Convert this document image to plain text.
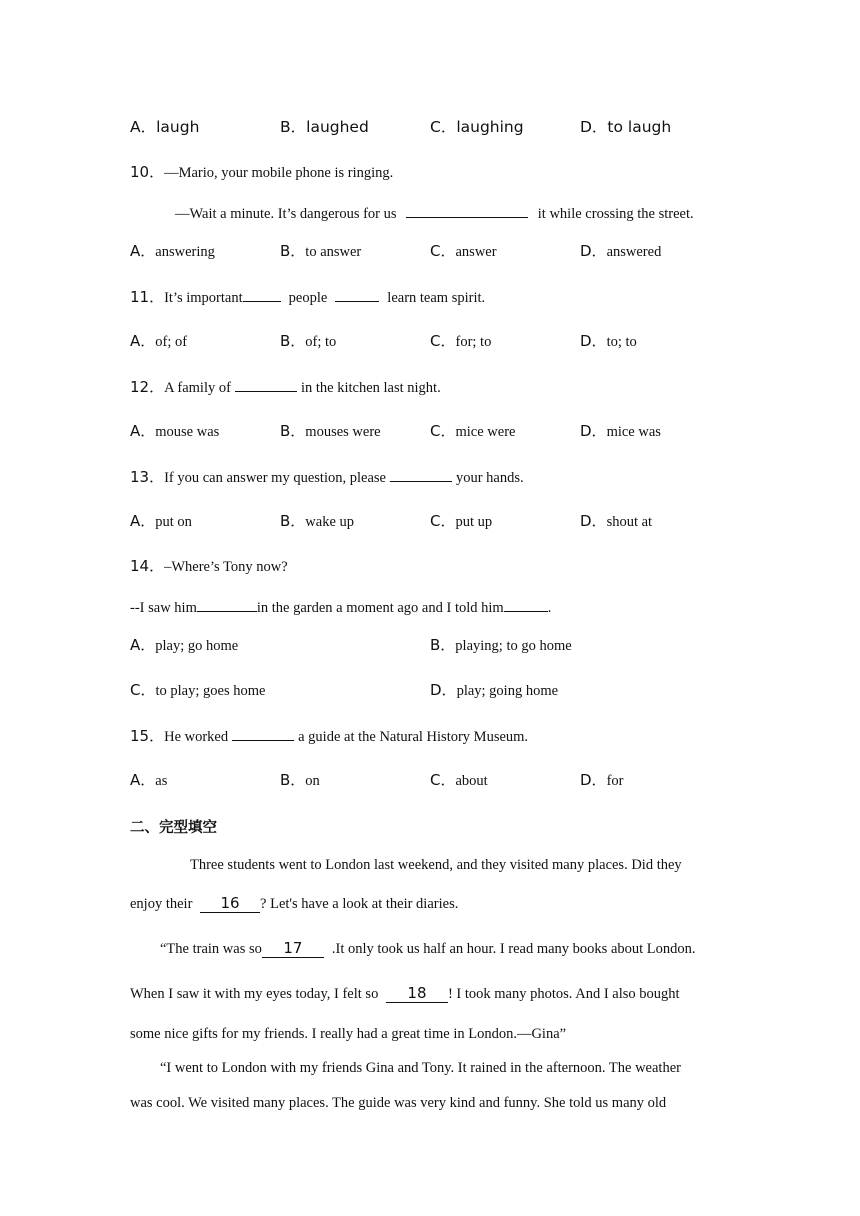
A．laugh	B．laughed	C．laughing	D．to laugh
10．—Mario, your mobile phone is ringing.
—Wait a minute. It’s dangerous for us	it while crossing the street.
A．answering	B．to answer	C．answer	D．answered
11．It’s important	people	learn team spirit.
A．of; of	B．of; to	C．for; to	D．to; to
12．A family of	in the kitchen last night.
A．mouse was	B．mouses were	C．mice were	D．mice was
13．If you can answer my question, please	your hands.
A．put on	B．wake up	C．put up	D．shout at
14．–Where’s Tony now?
--I saw him	in the garden a moment ago and I told him	.
A．play; go home	B．playing; to go home
C．to play; goes home	D．play; going home
15．He worked	a guide at the Natural History Museum.
A．as	B．on	C．about	D．for
二、完型填空
Three students went to London last weekend, and they visited many places. Did they
enjoy their 16 ? Let's have a look at their diaries.
“The train was so 17 .It only took us half an hour. I read many books about London.
When I saw it with my eyes today, I felt so 18 ! I took many photos. And I also bought
some nice gifts for my friends. I really had a great time in London.—Gina”
“I went to London with my friends Gina and Tony. It rained in the afternoon. The weather
was cool. We visited many places. The guide was very kind and funny. She told us many old
